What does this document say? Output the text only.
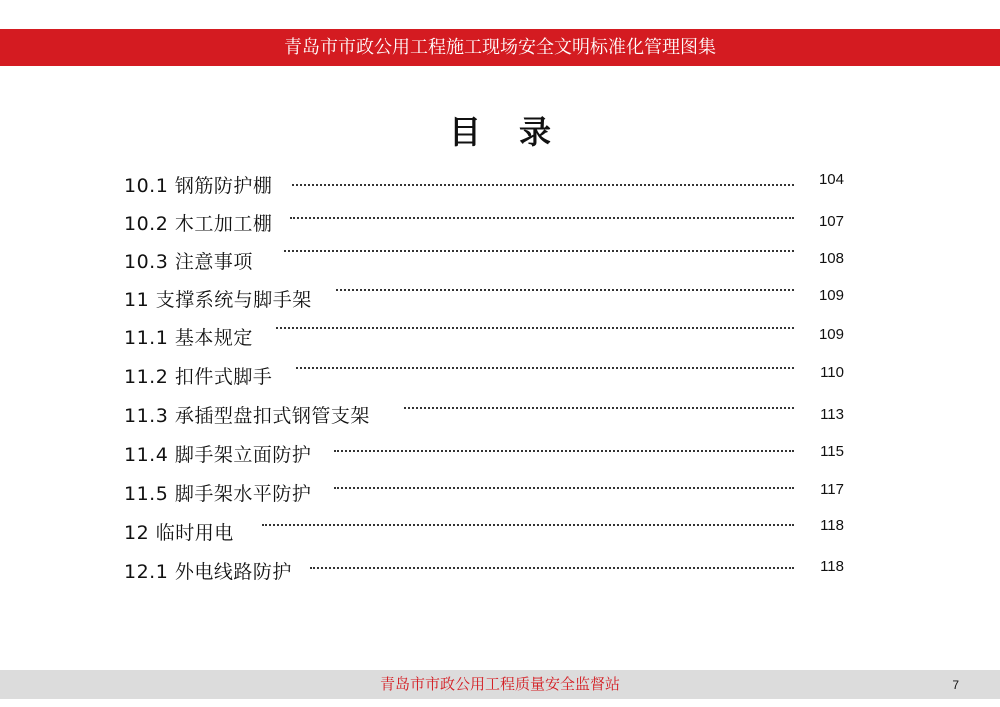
青岛市市政公用工程施工现场安全文明标准化管理图集
目录
10.1 钢筋防护棚	104
10.2 木工加工棚	107
10.3 注意事项	108
11 支撑系统与脚手架	109
11.1 基本规定	109
11.2 扣件式脚手	110
11.3 承插型盘扣式钢管支架	113
11.4 脚手架立面防护	115
11.5 脚手架水平防护	117
12 临时用电	118
12.1 外电线路防护	118
青岛市市政公用工程质量安全监督站	7
